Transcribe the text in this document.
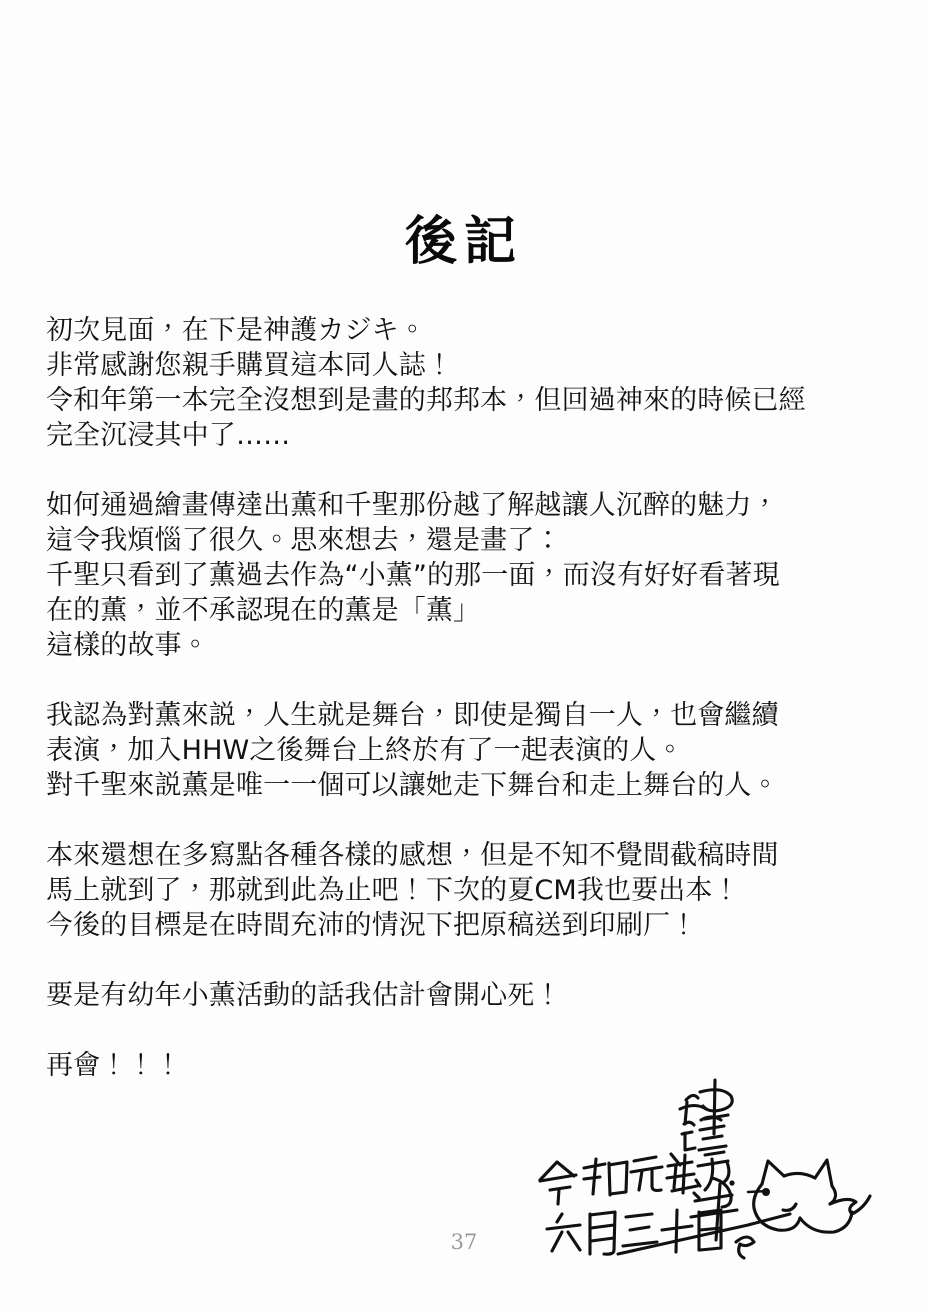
後記
初次見面，在下是神護カジキ。
非常感謝您親手購買這本同人誌！
令和年第一本完全沒想到是畫的邦邦本，但回過神來的時候已經
完全沉浸其中了……
如何通過繪畫傳達出薫和千聖那份越了解越讓人沉醉的魅力，
這令我煩惱了很久。思來想去，還是畫了：
千聖只看到了薫過去作為“小薫”的那一面，而沒有好好看著現
在的薫，並不承認現在的薫是「薫」
這樣的故事。
我認為對薫來説，人生就是舞台，即使是獨自一人，也會繼續
表演，加入HHW之後舞台上終於有了一起表演的人。
對千聖來説薫是唯一一個可以讓她走下舞台和走上舞台的人。
本來還想在多寫點各種各樣的感想，但是不知不覺間截稿時間
馬上就到了，那就到此為止吧！下次的夏CM我也要出本！
今後的目標是在時間充沛的情況下把原稿送到印刷厂！
要是有幼年小薫活動的話我估計會開心死！
再會！！！
37
